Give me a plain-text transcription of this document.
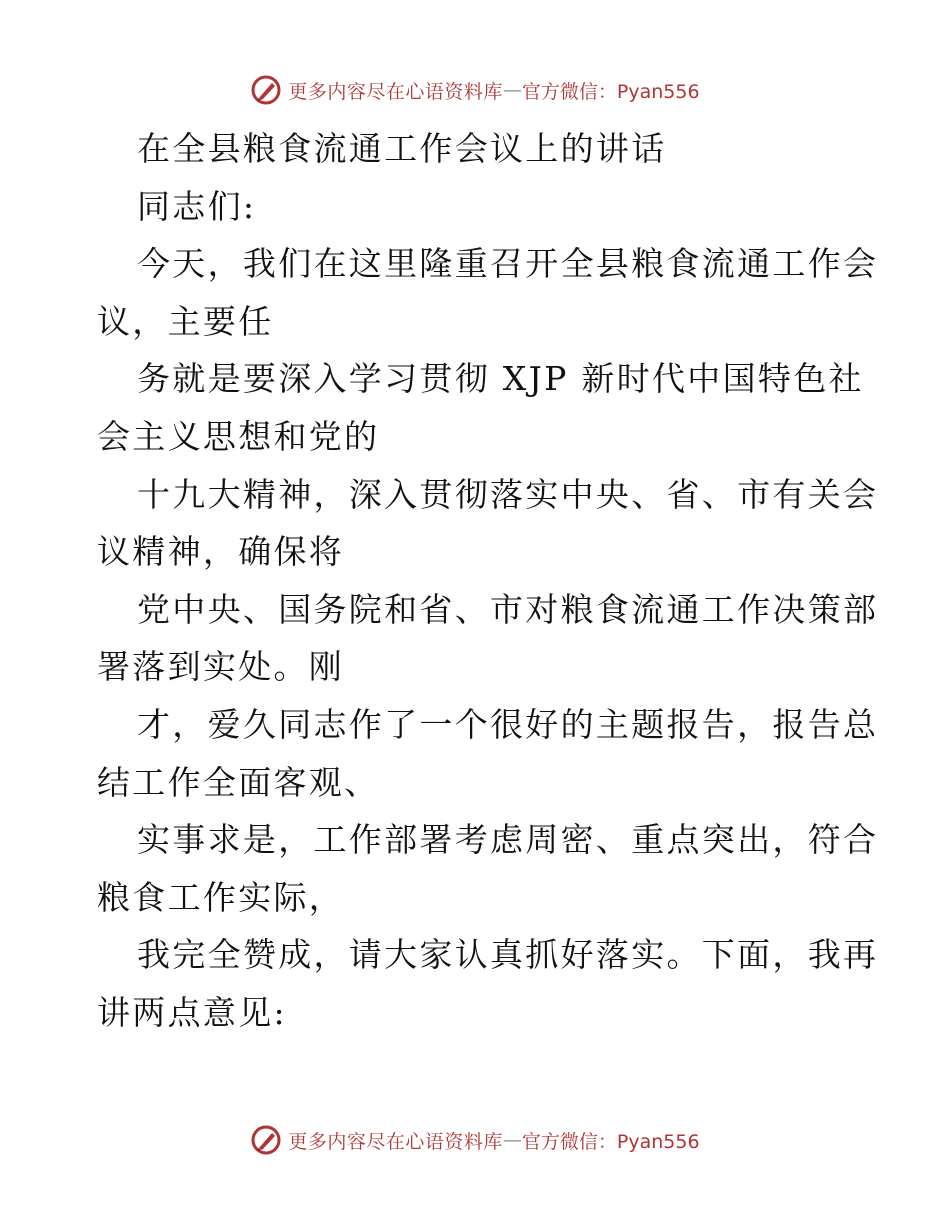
更多内容尽在心语资料库 — 官方微信：Pyan556
在全县粮食流通工作会议上的讲话
同志们:
今天，我们在这里隆重召开全县粮食流通工作会
议，主要任
务就是要深入学习贯彻 XJP 新时代中国特色社
会主义思想和党的
十九大精神，深入贯彻落实中央、省、市有关会
议精神，确保将
党中央、国务院和省、市对粮食流通工作决策部
署落到实处。刚
才，爱久同志作了一个很好的主题报告，报告总
结工作全面客观、
实事求是，工作部署考虑周密、重点突出，符合
粮食工作实际，
我完全赞成，请大家认真抓好落实。下面，我再
讲两点意见:
更多内容尽在心语资料库 — 官方微信：Pyan556
